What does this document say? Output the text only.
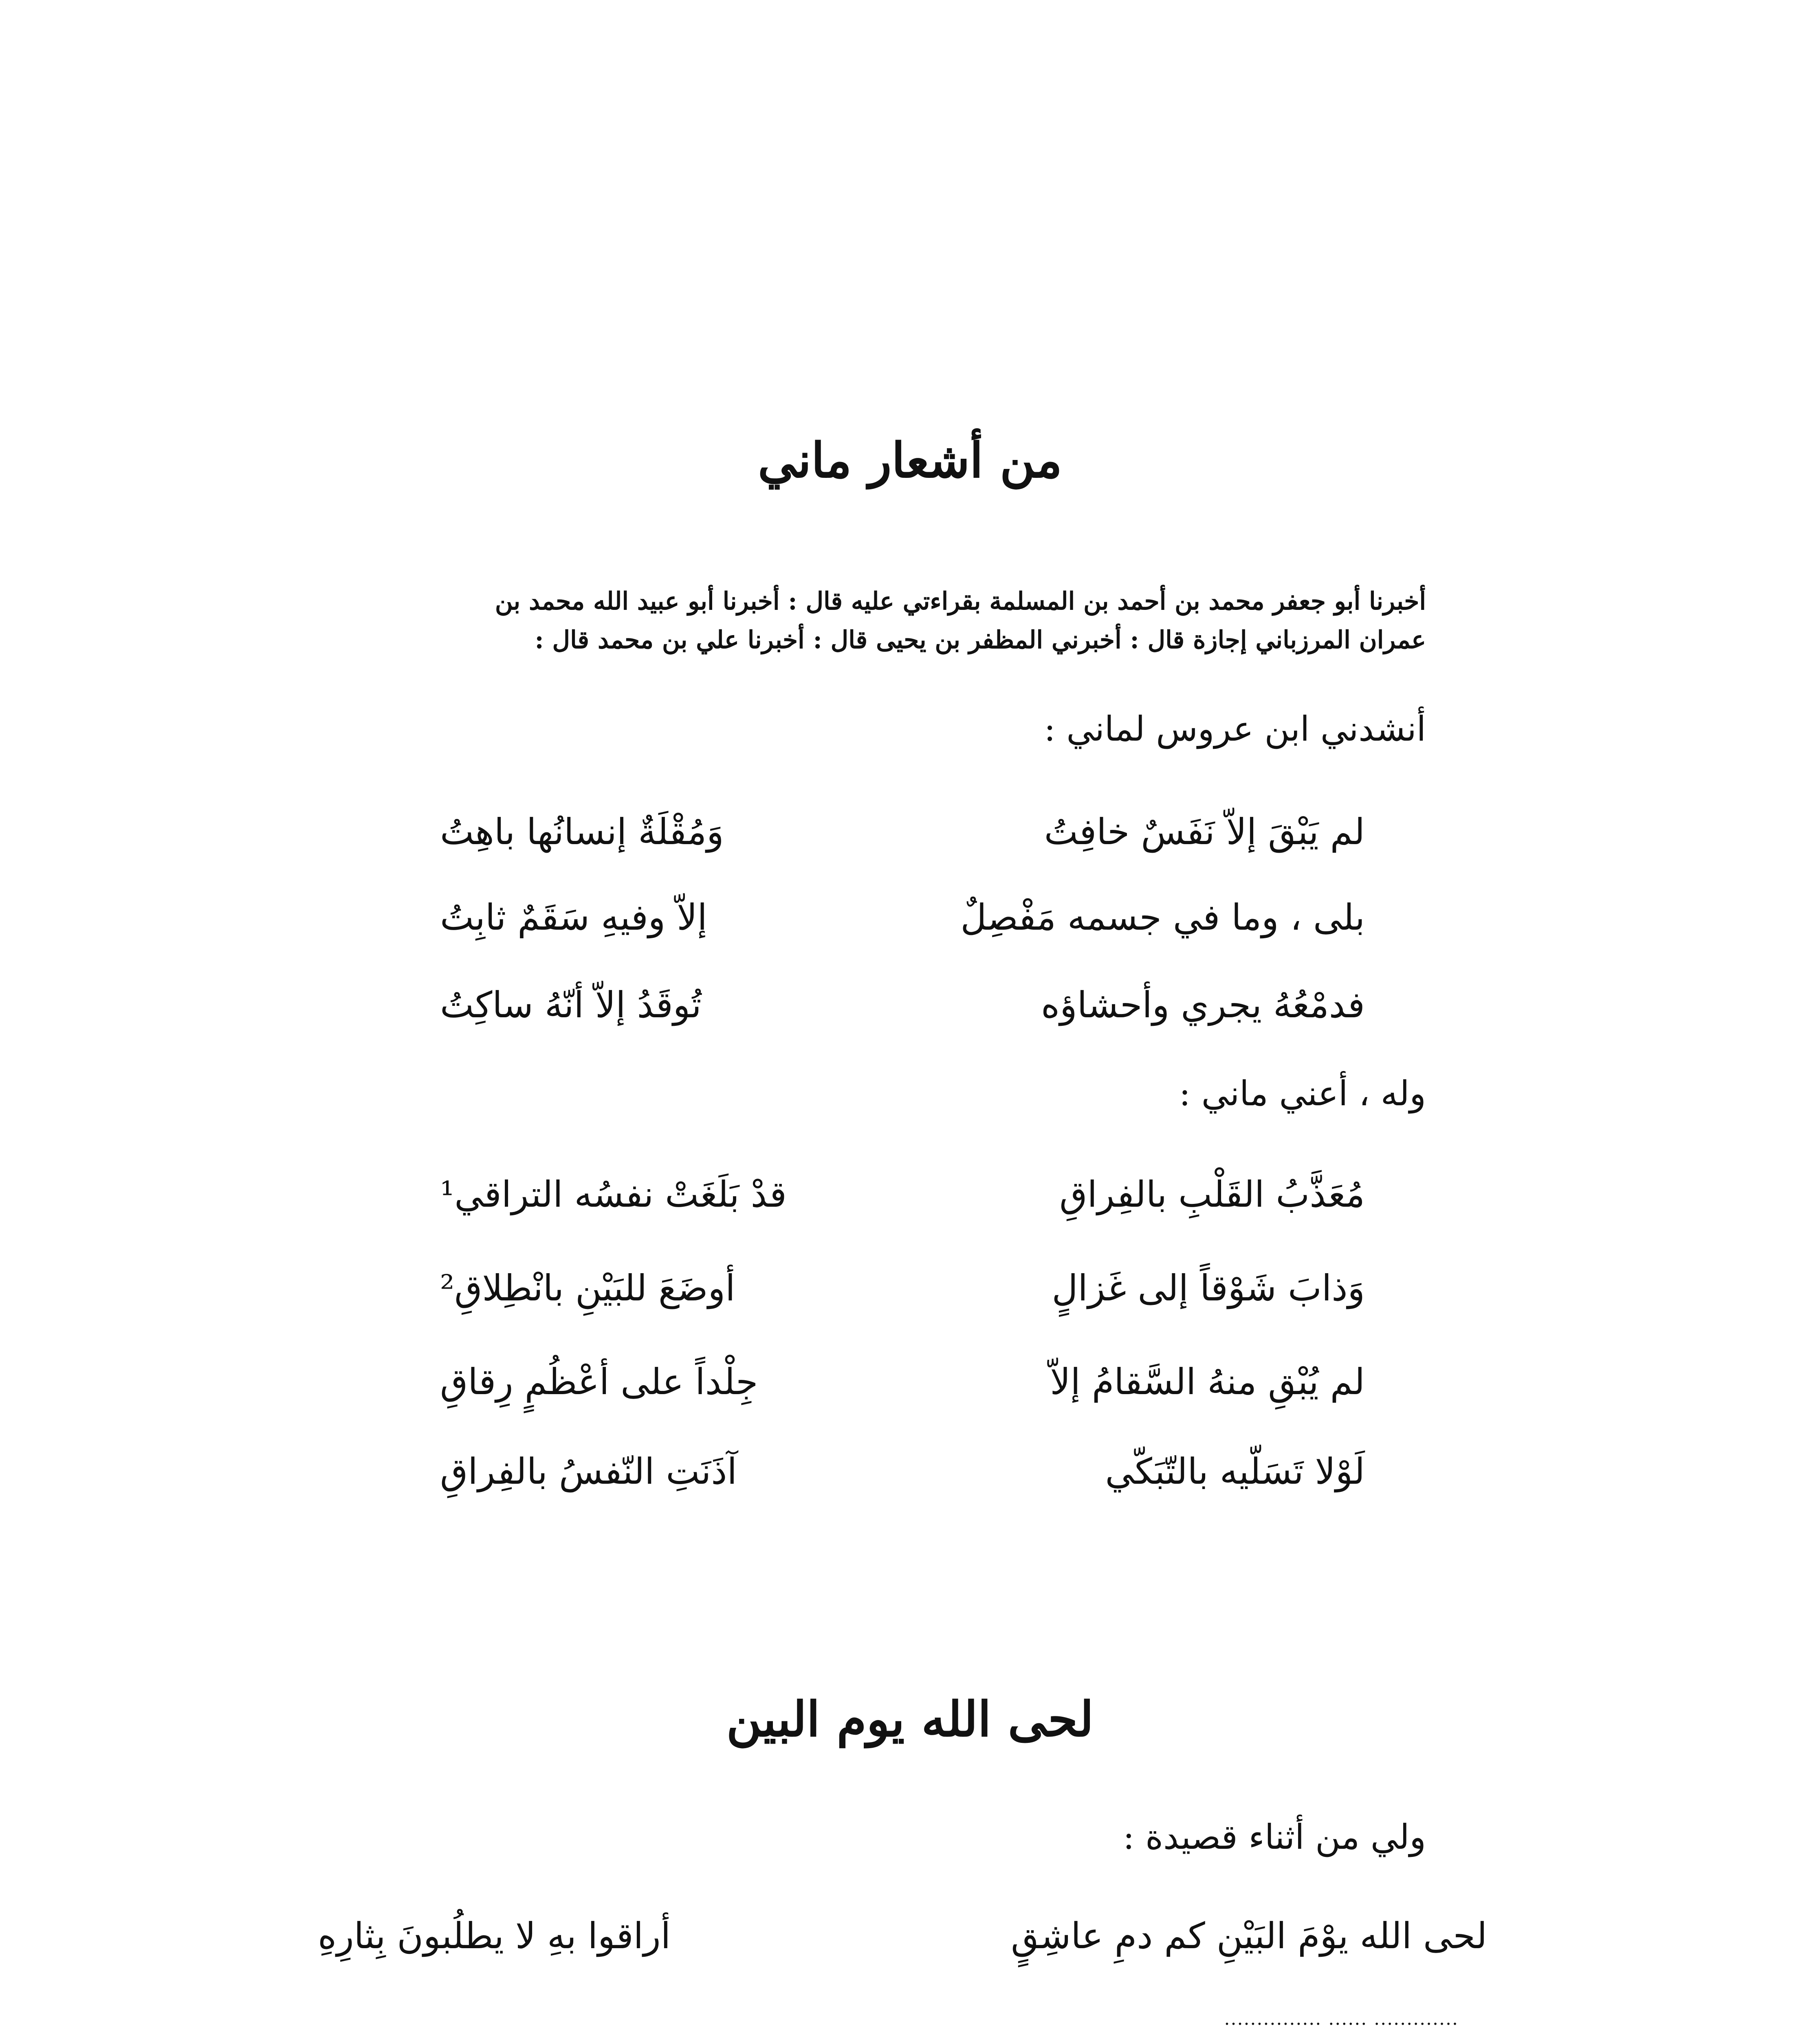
من أشعار ماني
أخبرنا أبو جعفر محمد بن أحمد بن المسلمة بقراءتي عليه قال : أخبرنا أبو عبيد الله محمد بن
عمران المرزباني إجازة قال : أخبرني المظفر بن يحيى قال : أخبرنا علي بن محمد قال :
أنشدني ابن عروس لماني :
لم يَبْقَ إلاّ نَفَسٌ خافِتُ
وَمُقْلَةٌ إنسانُها باهِتُ
بلى ، وما في جسمه مَفْصِلٌ
إلاّ وفيهِ سَقَمٌ ثابِتُ
فدمْعُهُ يجري وأحشاؤه
تُوقَدُ إلاّ أنّهُ ساكِتُ
وله ، أعني ماني :
مُعَذَّبُ القَلْبِ بالفِراقِ
قدْ بَلَغَتْ نفسُه التراقي¹
وَذابَ شَوْقاً إلى غَزالٍ
أوضَعَ للبَيْنِ بانْطِلاقِ²
لم يُبْقِ منهُ السَّقامُ إلاّ
جِلْداً على أعْظُمٍ رِقاقِ
لَوْلا تَسَلّيه بالتّبَكّي
آذَنَتِ النّفسُ بالفِراقِ
لحى الله يوم البين
ولي من أثناء قصيدة :
لحى الله يوْمَ البَيْنِ كم دمِ عاشِقٍ
أراقوا بهِ لا يطلُبونَ بِثارِهِ
............. ...... ...............
